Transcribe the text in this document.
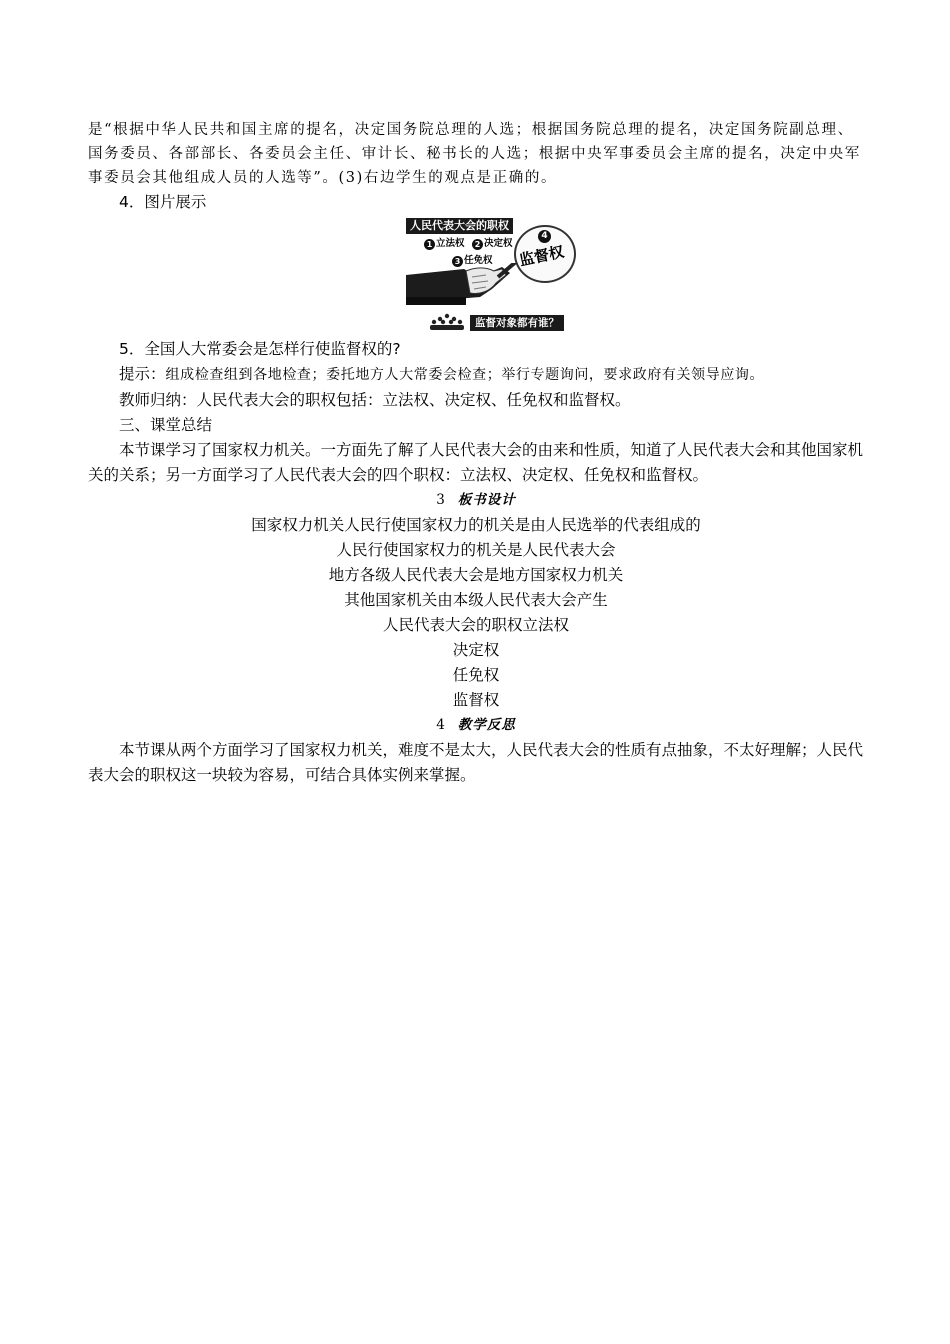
是“根据中华人民共和国主席的提名，决定国务院总理的人选；根据国务院总理的提名，决定国务院副总理、国务委员、各部部长、各委员会主任、审计长、秘书长的人选；根据中央军事委员会主席的提名，决定中央军事委员会其他组成人员的人选等”。(3)右边学生的观点是正确的。

4．图片展示

人民代表大会的职权
1 立法权	2 决定权
3 任免权
4
监督权
监督对象都有谁？

5．全国人大常委会是怎样行使监督权的?

提示：组成检查组到各地检查；委托地方人大常委会检查；举行专题询问，要求政府有关领导应询。

教师归纳：人民代表大会的职权包括：立法权、决定权、任免权和监督权。

三、课堂总结

本节课学习了国家权力机关。一方面先了解了人民代表大会的由来和性质，知道了人民代表大会和其他国家机关的关系；另一方面学习了人民代表大会的四个职权：立法权、决定权、任免权和监督权。

3 板书设计

国家权力机关人民行使国家权力的机关是由人民选举的代表组成的

人民行使国家权力的机关是人民代表大会

地方各级人民代表大会是地方国家权力机关

其他国家机关由本级人民代表大会产生

人民代表大会的职权立法权

决定权

任免权

监督权

4 教学反思

本节课从两个方面学习了国家权力机关，难度不是太大，人民代表大会的性质有点抽象，不太好理解；人民代表大会的职权这一块较为容易，可结合具体实例来掌握。
